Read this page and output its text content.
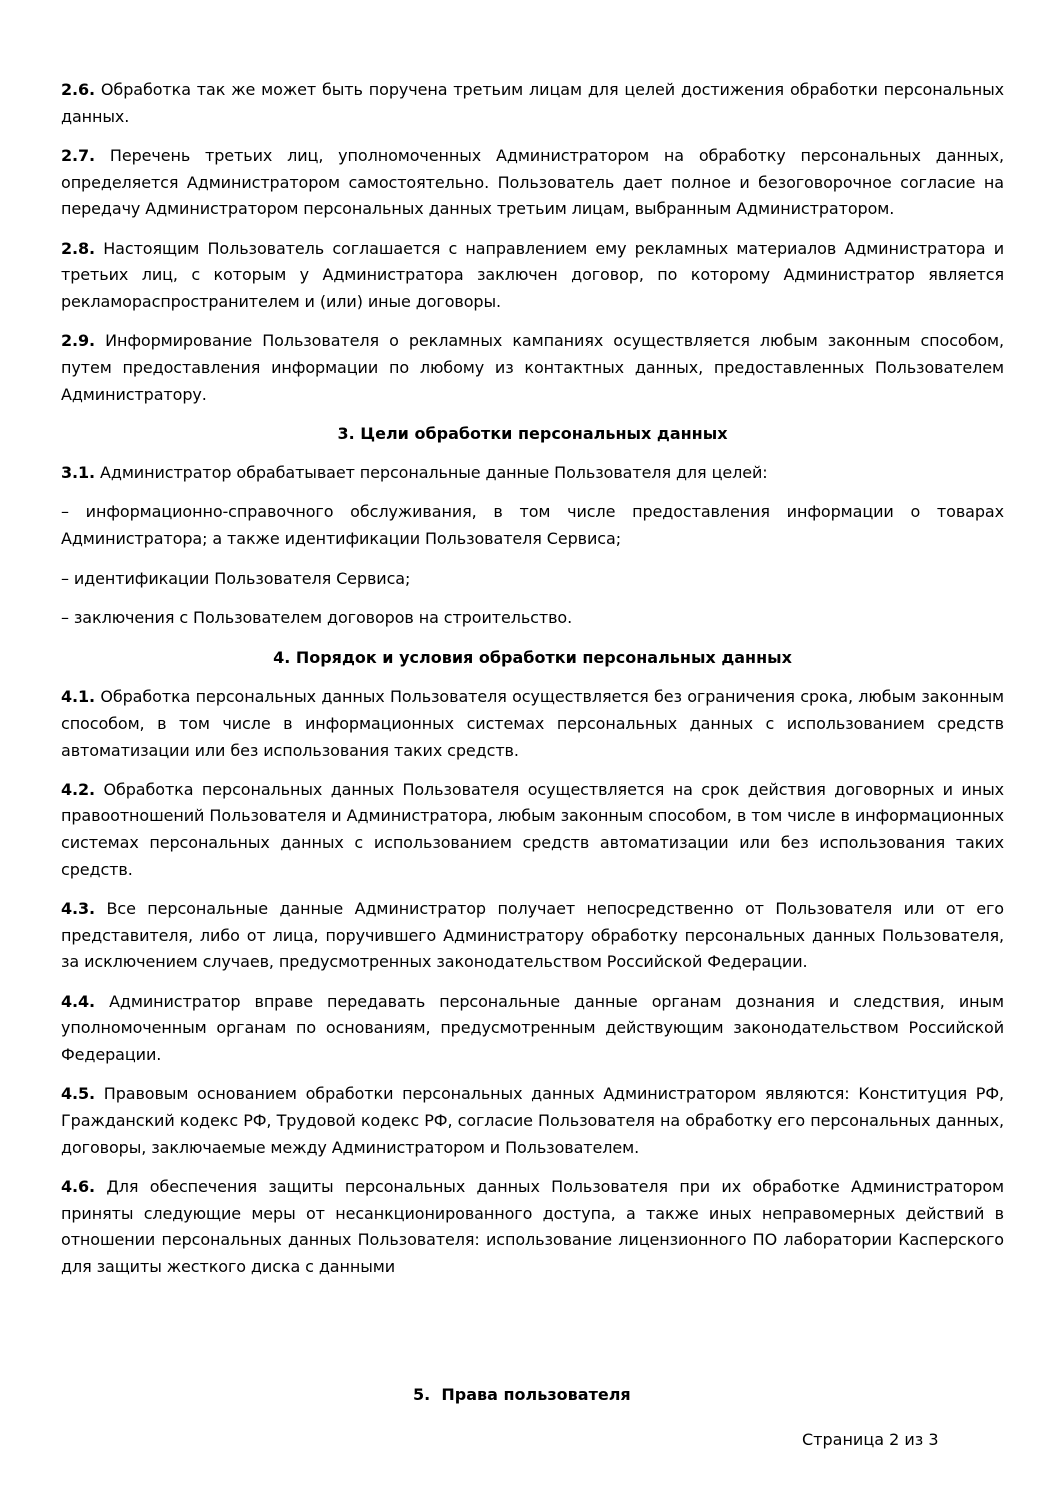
2.6. Обработка так же может быть поручена третьим лицам для целей достижения обработки персональных данных.

2.7. Перечень третьих лиц, уполномоченных Администратором на обработку персональных данных, определяется Администратором самостоятельно. Пользователь дает полное и безоговорочное согласие на передачу Администратором персональных данных третьим лицам, выбранным Администратором.

2.8. Настоящим Пользователь соглашается с направлением ему рекламных материалов Администратора и третьих лиц, с которым у Администратора заключен договор, по которому Администратор является рекламораспространителем и (или) иные договоры.

2.9. Информирование Пользователя о рекламных кампаниях осуществляется любым законным способом, путем предоставления информации по любому из контактных данных, предоставленных Пользователем Администратору.

3. Цели обработки персональных данных

3.1. Администратор обрабатывает персональные данные Пользователя для целей:

– информационно-справочного обслуживания, в том числе предоставления информации о товарах Администратора; а также идентификации Пользователя Сервиса;

– идентификации Пользователя Сервиса;

– заключения с Пользователем договоров на строительство.

4. Порядок и условия обработки персональных данных

4.1. Обработка персональных данных Пользователя осуществляется без ограничения срока, любым законным способом, в том числе в информационных системах персональных данных с использованием средств автоматизации или без использования таких средств.

4.2. Обработка персональных данных Пользователя осуществляется на срок действия договорных и иных правоотношений Пользователя и Администратора, любым законным способом, в том числе в информационных системах персональных данных с использованием средств автоматизации или без использования таких средств.

4.3. Все персональные данные Администратор получает непосредственно от Пользователя или от его представителя, либо от лица, поручившего Администратору обработку персональных данных Пользователя, за исключением случаев, предусмотренных законодательством Российской Федерации.

4.4. Администратор вправе передавать персональные данные органам дознания и следствия, иным уполномоченным органам по основаниям, предусмотренным действующим законодательством Российской Федерации.

4.5. Правовым основанием обработки персональных данных Администратором являются: Конституция РФ, Гражданский кодекс РФ, Трудовой кодекс РФ, согласие Пользователя на обработку его персональных данных, договоры, заключаемые между Администратором и Пользователем.

4.6. Для обеспечения защиты персональных данных Пользователя при их обработке Администратором приняты следующие меры от несанкционированного доступа, а также иных неправомерных действий в отношении персональных данных Пользователя: использование лицензионного ПО лаборатории Касперского для защиты жесткого диска с данными

5.  Права пользователя
Страница 2 из 3
